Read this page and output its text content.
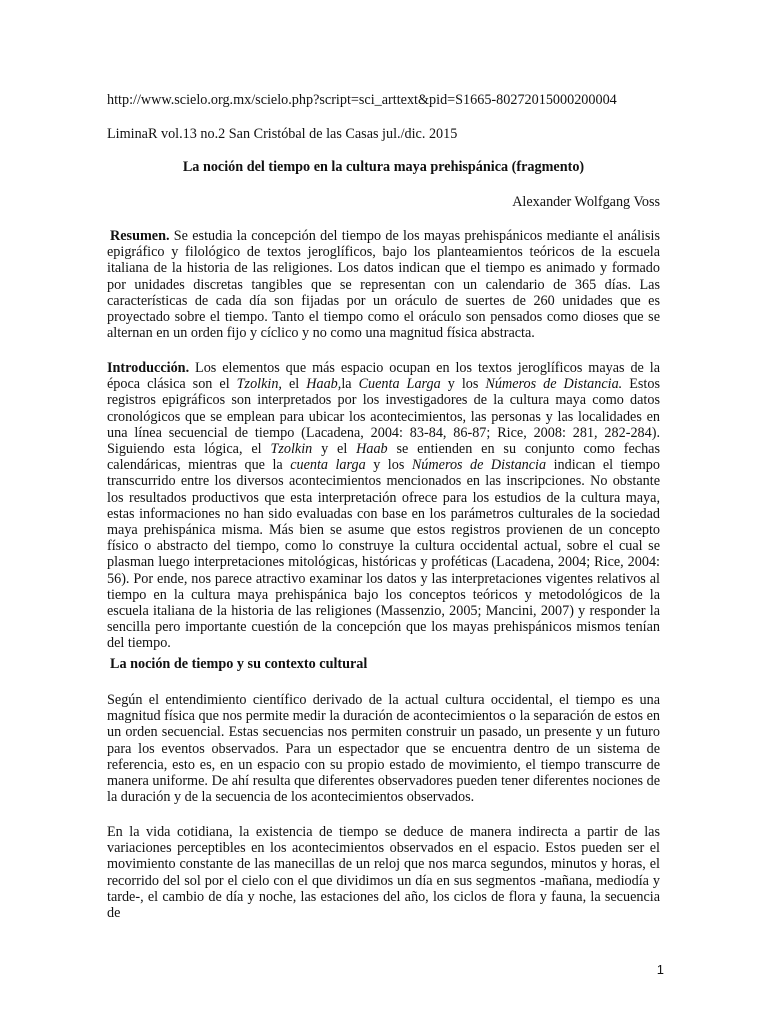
http://www.scielo.org.mx/scielo.php?script=sci_arttext&pid=S1665-80272015000200004
LiminaR vol.13 no.2 San Cristóbal de las Casas jul./dic. 2015
La noción del tiempo en la cultura maya prehispánica (fragmento)
Alexander Wolfgang Voss
Resumen. Se estudia la concepción del tiempo de los mayas prehispánicos mediante el análisis epigráfico y filológico de textos jeroglíficos, bajo los planteamientos teóricos de la escuela italiana de la historia de las religiones. Los datos indican que el tiempo es animado y formado por unidades discretas tangibles que se representan con un calendario de 365 días. Las características de cada día son fijadas por un oráculo de suertes de 260 unidades que es proyectado sobre el tiempo. Tanto el tiempo como el oráculo son pensados como dioses que se alternan en un orden fijo y cíclico y no como una magnitud física abstracta.
Introducción. Los elementos que más espacio ocupan en los textos jeroglíficos mayas de la época clásica son el Tzolkin, el Haab,la Cuenta Larga y los Números de Distancia. Estos registros epigráficos son interpretados por los investigadores de la cultura maya como datos cronológicos que se emplean para ubicar los acontecimientos, las personas y las localidades en una línea secuencial de tiempo (Lacadena, 2004: 83-84, 86-87; Rice, 2008: 281, 282-284). Siguiendo esta lógica, el Tzolkin y el Haab se entienden en su conjunto como fechas calendáricas, mientras que la cuenta larga y los Números de Distancia indican el tiempo transcurrido entre los diversos acontecimientos mencionados en las inscripciones. No obstante los resultados productivos que esta interpretación ofrece para los estudios de la cultura maya, estas informaciones no han sido evaluadas con base en los parámetros culturales de la sociedad maya prehispánica misma. Más bien se asume que estos registros provienen de un concepto físico o abstracto del tiempo, como lo construye la cultura occidental actual, sobre el cual se plasman luego interpretaciones mitológicas, históricas y proféticas (Lacadena, 2004; Rice, 2004: 56). Por ende, nos parece atractivo examinar los datos y las interpretaciones vigentes relativos al tiempo en la cultura maya prehispánica bajo los conceptos teóricos y metodológicos de la escuela italiana de la historia de las religiones (Massenzio, 2005; Mancini, 2007) y responder la sencilla pero importante cuestión de la concepción que los mayas prehispánicos mismos tenían del tiempo.
La noción de tiempo y su contexto cultural
Según el entendimiento científico derivado de la actual cultura occidental, el tiempo es una magnitud física que nos permite medir la duración de acontecimientos o la separación de estos en un orden secuencial. Estas secuencias nos permiten construir un pasado, un presente y un futuro para los eventos observados. Para un espectador que se encuentra dentro de un sistema de referencia, esto es, en un espacio con su propio estado de movimiento, el tiempo transcurre de manera uniforme. De ahí resulta que diferentes observadores pueden tener diferentes nociones de la duración y de la secuencia de los acontecimientos observados.
En la vida cotidiana, la existencia de tiempo se deduce de manera indirecta a partir de las variaciones perceptibles en los acontecimientos observados en el espacio. Estos pueden ser el movimiento constante de las manecillas de un reloj que nos marca segundos, minutos y horas, el recorrido del sol por el cielo con el que dividimos un día en sus segmentos -mañana, mediodía y tarde-, el cambio de día y noche, las estaciones del año, los ciclos de flora y fauna, la secuencia de
1
